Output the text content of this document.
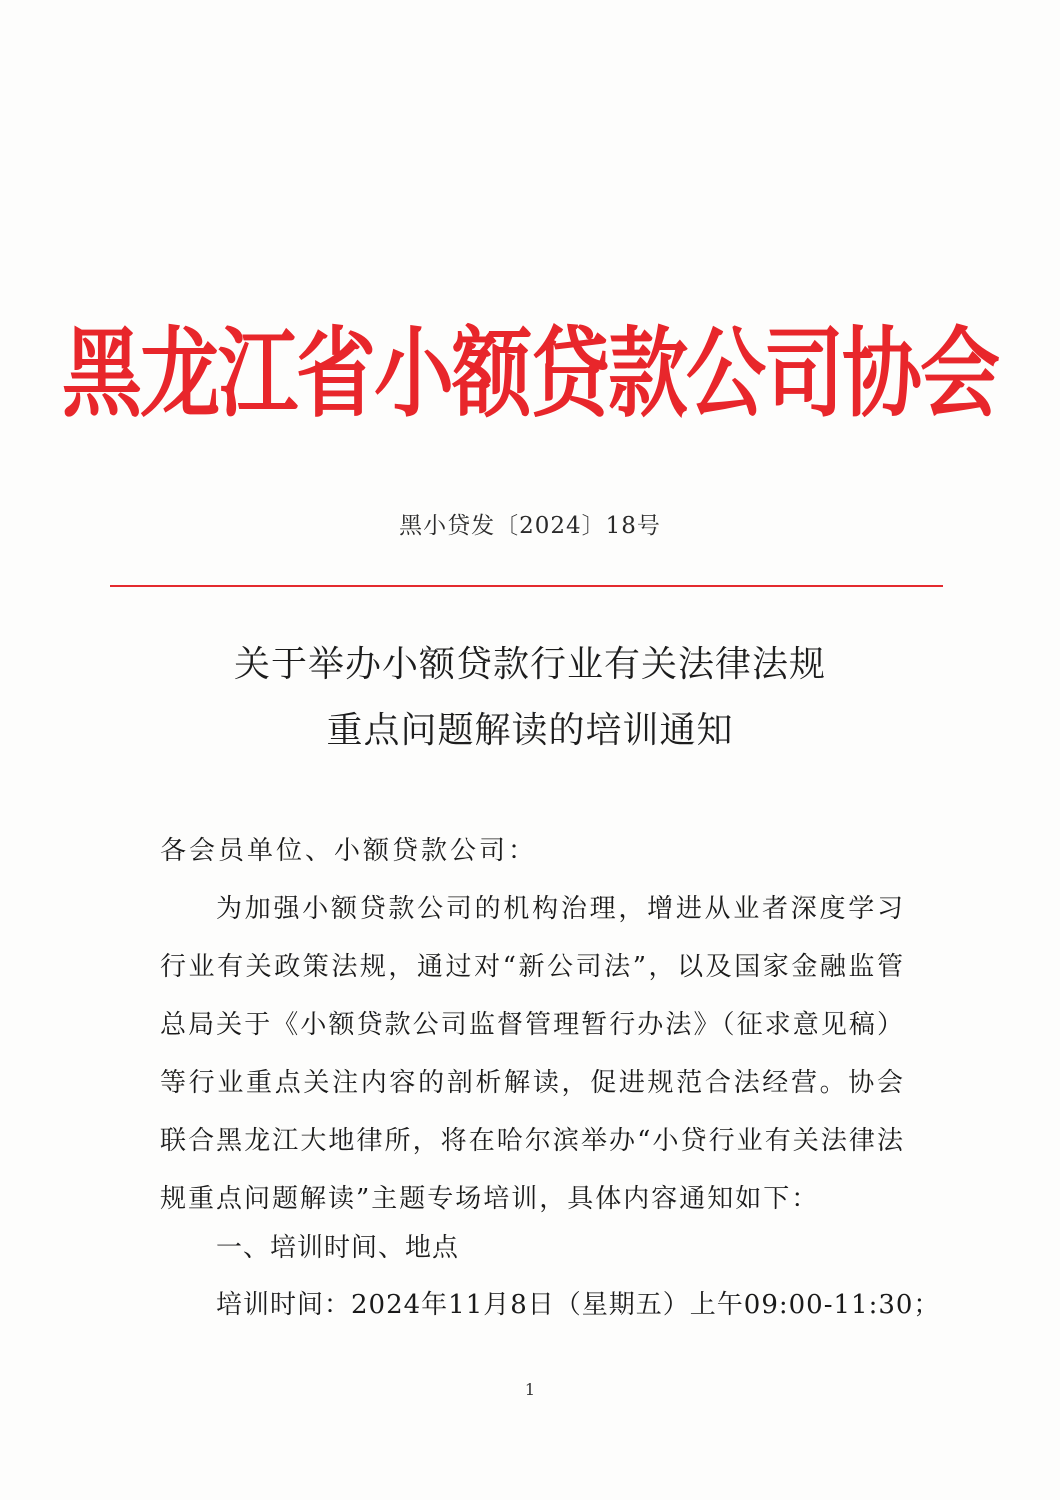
黑龙江省小额贷款公司协会
黑小贷发〔2024〕18号
关于举办小额贷款行业有关法律法规
重点问题解读的培训通知
各会员单位、小额贷款公司：
为加强小额贷款公司的机构治理，增进从业者深度学习行业有关政策法规，通过对“新公司法”，以及国家金融监管总局关于《小额贷款公司监督管理暂行办法》（征求意见稿）等行业重点关注内容的剖析解读，促进规范合法经营。协会联合黑龙江大地律所，将在哈尔滨举办“小贷行业有关法律法规重点问题解读”主题专场培训，具体内容通知如下：
一、培训时间、地点
培训时间：2024年11月8日（星期五）上午09:00-11:30；
1
